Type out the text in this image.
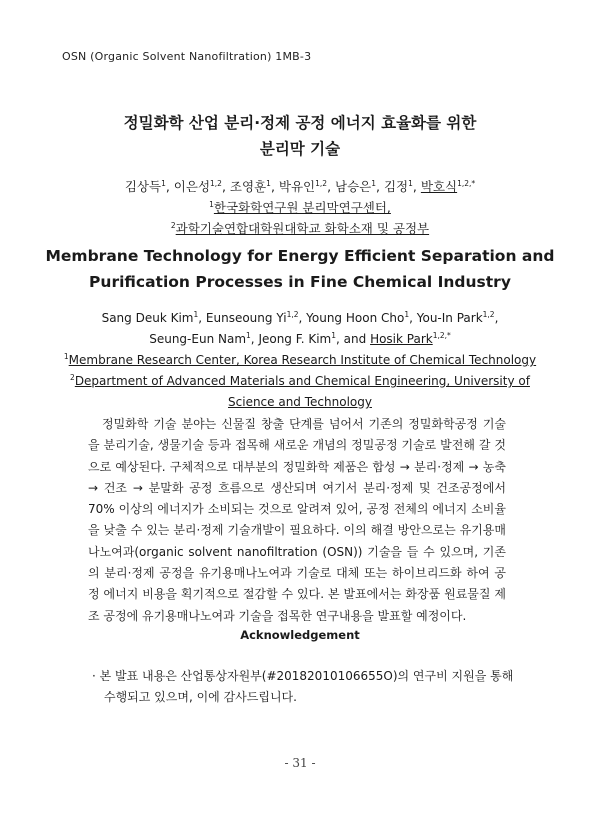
OSN (Organic Solvent Nanofiltration) 1MB-3
정밀화학 산업 분리·정제 공정 에너지 효율화를 위한
분리막 기술
김상득$^1$, 이은성$^{1,2}$, 조영훈$^1$, 박유인$^{1,2}$, 남승은$^1$, 김정$^1$, 박호식$^{1,2,*}$
$^1$한국화학연구원 분리막연구센터,
$^2$과학기술연합대학원대학교 화학소재 및 공정부
Membrane Technology for Energy Efficient Separation and
Purification Processes in Fine Chemical Industry
Sang Deuk Kim$^1$, Eunseoung Yi$^{1,2}$, Young Hoon Cho$^1$, You-In Park$^{1,2}$,
Seung-Eun Nam$^1$, Jeong F. Kim$^1$, and Hosik Park$^{1,2,*}$
$^1$Membrane Research Center, Korea Research Institute of Chemical Technology
$^2$Department of Advanced Materials and Chemical Engineering, University of
Science and Technology
정밀화학 기술 분야는 신물질 창출 단계를 넘어서 기존의 정밀화학공정 기술을 분리기술, 생물기술 등과 접목해 새로운 개념의 정밀공정 기술로 발전해 갈 것으로 예상된다. 구체적으로 대부분의 정밀화학 제품은 합성 → 분리·정제 → 농축 → 건조 → 분말화 공정 흐름으로 생산되며 여기서 분리·정제 및 건조공정에서 70% 이상의 에너지가 소비되는 것으로 알려져 있어, 공정 전체의 에너지 소비율을 낮출 수 있는 분리·정제 기술개발이 필요하다. 이의 해결 방안으로는 유기용매나노여과(organic solvent nanofiltration (OSN)) 기술을 들 수 있으며, 기존의 분리·정제 공정을 유기용매나노여과 기술로 대체 또는 하이브리드화 하여 공정 에너지 비용을 획기적으로 절감할 수 있다. 본 발표에서는 화장품 원료물질 제조 공정에 유기용매나노여과 기술을 접목한 연구내용을 발표할 예정이다.
Acknowledgement
· 본 발표 내용은 산업통상자원부(#20182010106655O)의 연구비 지원을 통해 수행되고 있으며, 이에 감사드립니다.
- 31 -
